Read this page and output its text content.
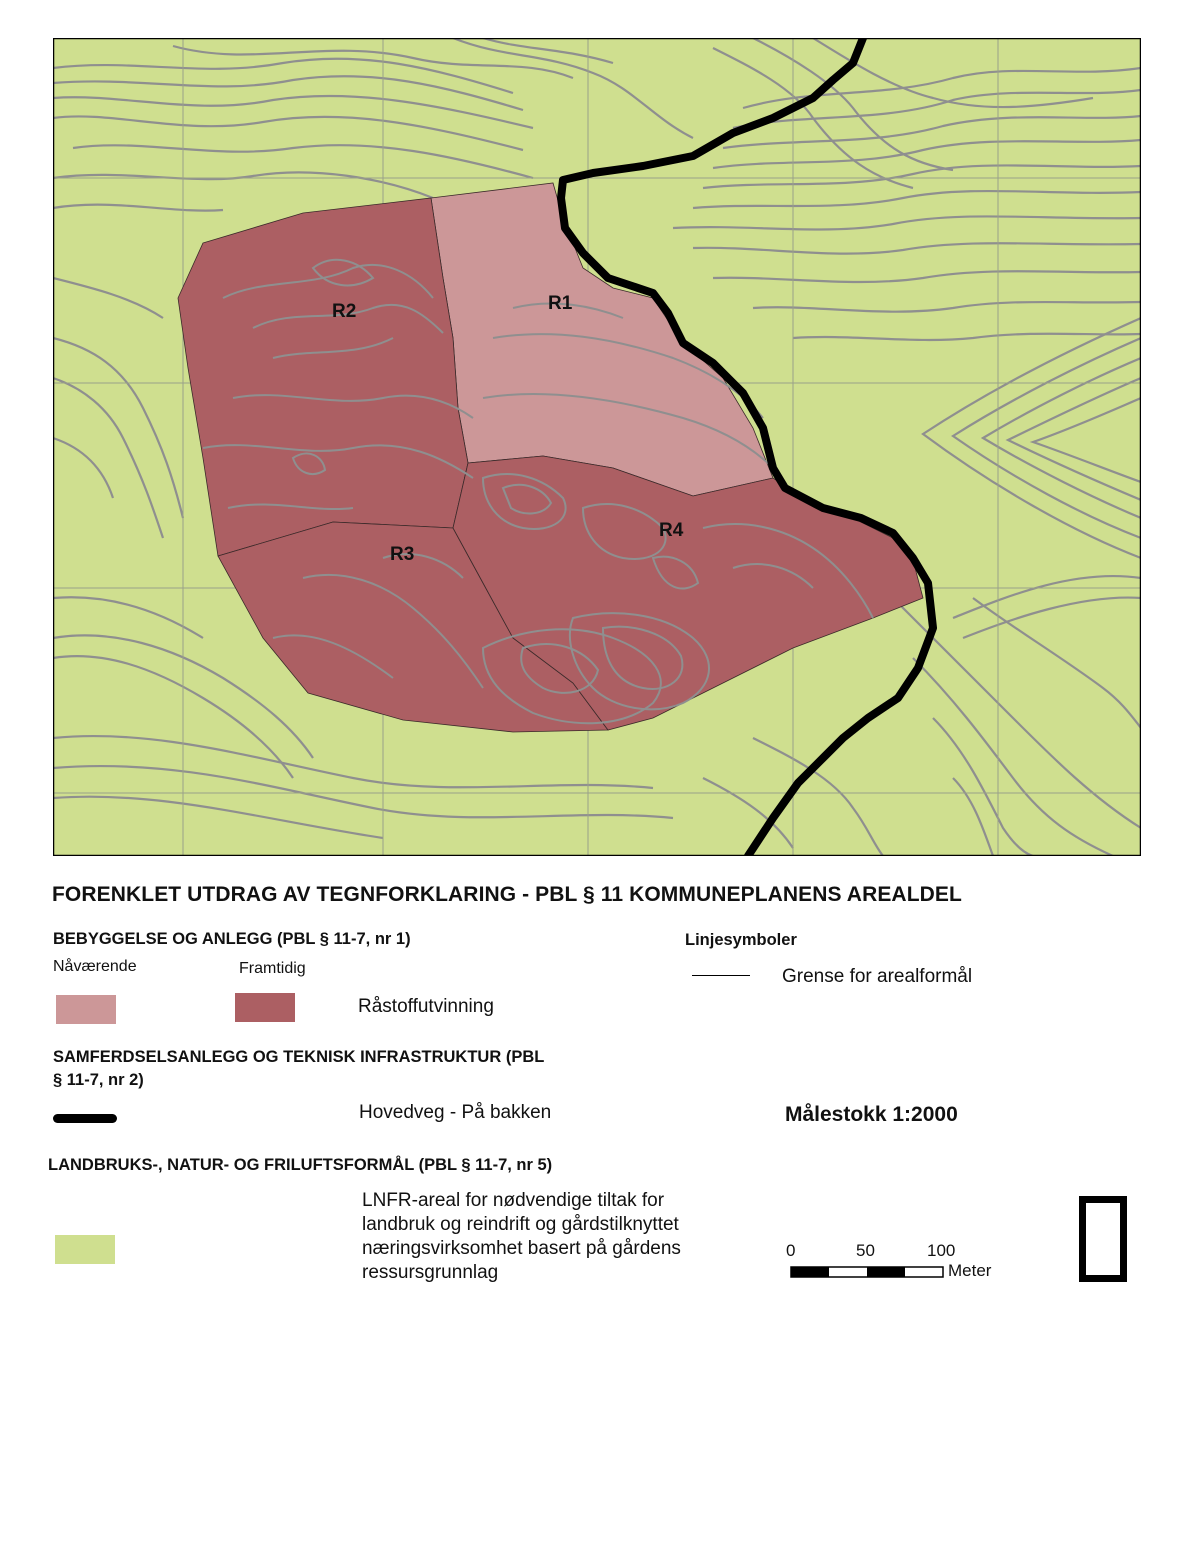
R1
R2
R3
R4
FORENKLET UTDRAG AV TEGNFORKLARING - PBL § 11 KOMMUNEPLANENS AREALDEL
BEBYGGELSE OG ANLEGG (PBL § 11-7, nr 1)
Nåværende	Framtidig
Råstoffutvinning
Linjesymboler
Grense for arealformål
SAMFERDSELSANLEGG OG TEKNISK INFRASTRUKTUR (PBL
§ 11-7, nr 2)
Hovedveg - På bakken
LANDBRUKS-, NATUR- OG FRILUFTSFORMÅL (PBL § 11-7, nr 5)
LNFR-areal for nødvendige tiltak for
landbruk og reindrift og gårdstilknyttet
næringsvirksomhet basert på gårdens
ressursgrunnlag
Målestokk 1:2000
0	50	100
Meter
